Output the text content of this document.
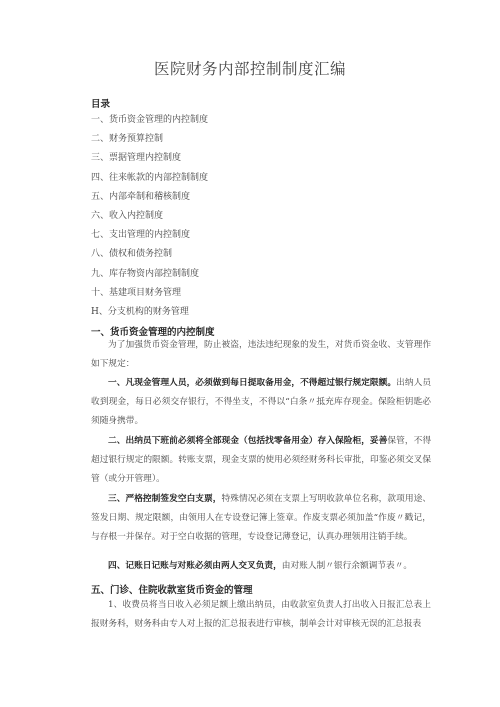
医院财务内部控制制度汇编
目录
一、货币资金管理的内控制度
二、财务预算控制
三、票据管理内控制度
四、往来帐款的内部控制制度
五、内部牵制和稽核制度
六、收入内控制度
七、支出管理的内控制度
八、债权和债务控制
九、库存物资内部控制制度
十、基建项目财务管理
H、分支机构的财务管理
一、货币资金管理的内控制度

为了加强货币资金管理，防止被盗，违法违纪现象的发生，对货币资金收、支管理作如下规定：

一、凡现金管理人员，必须做到每日提取备用金，不得超过银行规定限额。出纳人员收到现金，每日必须交存银行，不得坐支，不得以“白条〃抵充库存现金。保险柜钥匙必须随身携带。

二、出纳员下班前必须将全部现金（包括找零备用金）存入保险柜，妥善保管，不得超过银行规定的限额。转账支票，现金支票的使用必须经财务科长审批，印鉴必须交叉保管（或分开管理）。

三、严格控制签发空白支票，特殊情况必须在支票上写明收款单位名称，款项用途、签发日期、规定限额，由领用人在专设登记簿上签章。作废支票必须加盖“作废〃戳记，与存根一并保存。对于空白收据的管理，专设登记薄登记，认真办理领用注销手续。

四、记账日记账与对账必须由两人交叉负责，由对账人制〃银行余额调节表〃。

五、门诊、住院收款室货币资金的管理

1、收费员将当日收入必须足额上缴出纳员，由收款室负责人打出收入日报汇总表上报财务科，财务科由专人对上报的汇总报表进行审核，制单会计对审核无误的汇总报表
